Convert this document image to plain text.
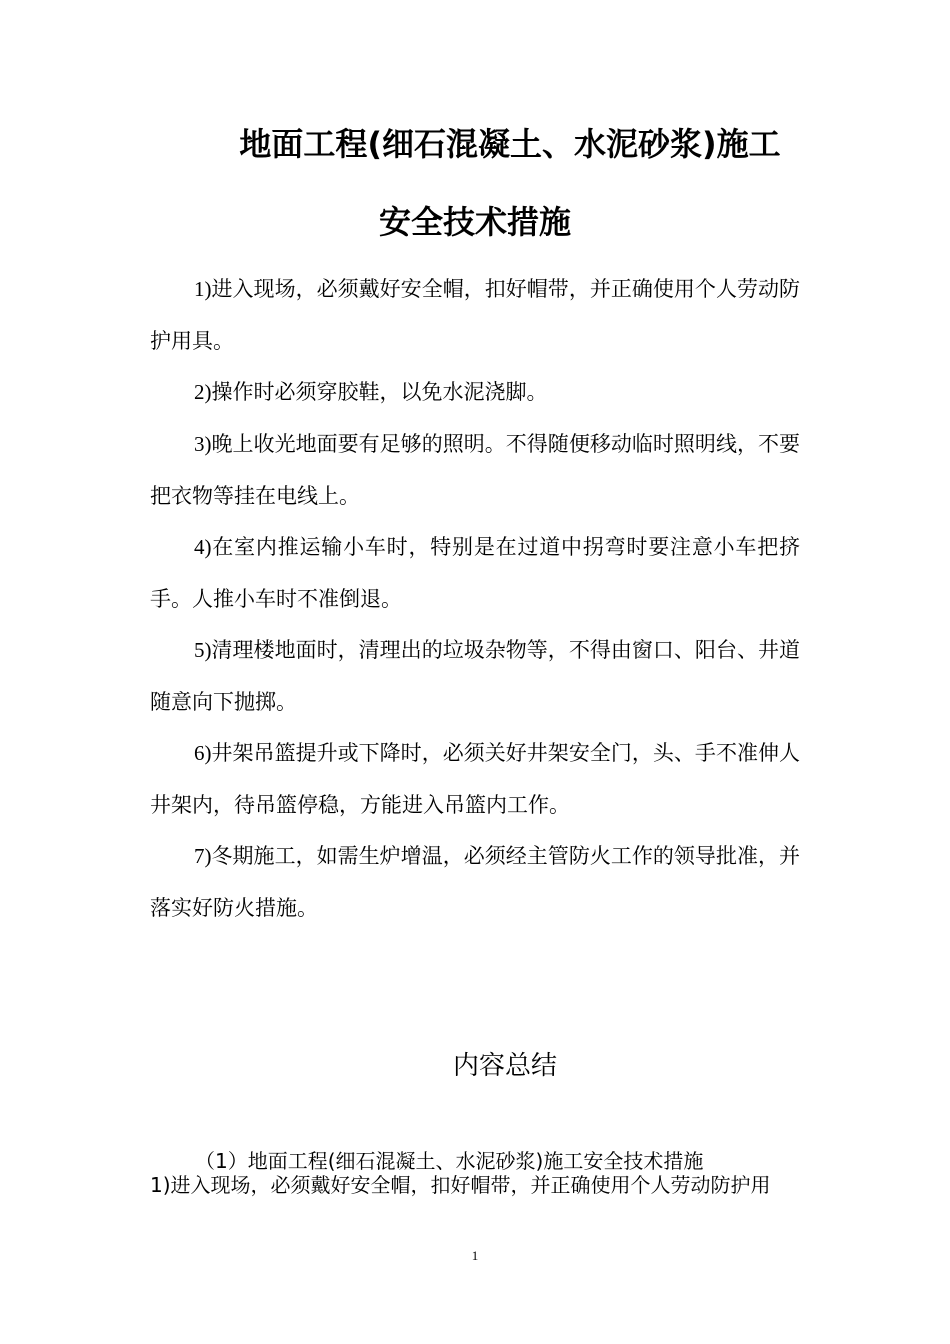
地面工程(细石混凝土、水泥砂浆)施工
安全技术措施
1)进入现场，必须戴好安全帽，扣好帽带，并正确使用个人劳动防护用具。
2)操作时必须穿胶鞋，以免水泥浇脚。
3)晚上收光地面要有足够的照明。不得随便移动临时照明线，不要把衣物等挂在电线上。
4)在室内推运输小车时，特别是在过道中拐弯时要注意小车把挤手。人推小车时不准倒退。
5)清理楼地面时，清理出的垃圾杂物等，不得由窗口、阳台、井道随意向下抛掷。
6)井架吊篮提升或下降时，必须关好井架安全门，头、手不准伸人井架内，待吊篮停稳，方能进入吊篮内工作。
7)冬期施工，如需生炉增温，必须经主管防火工作的领导批准，并落实好防火措施。
内容总结
（1）地面工程(细石混凝土、水泥砂浆)施工安全技术措施
1)进入现场，必须戴好安全帽，扣好帽带，并正确使用个人劳动防护用
1
